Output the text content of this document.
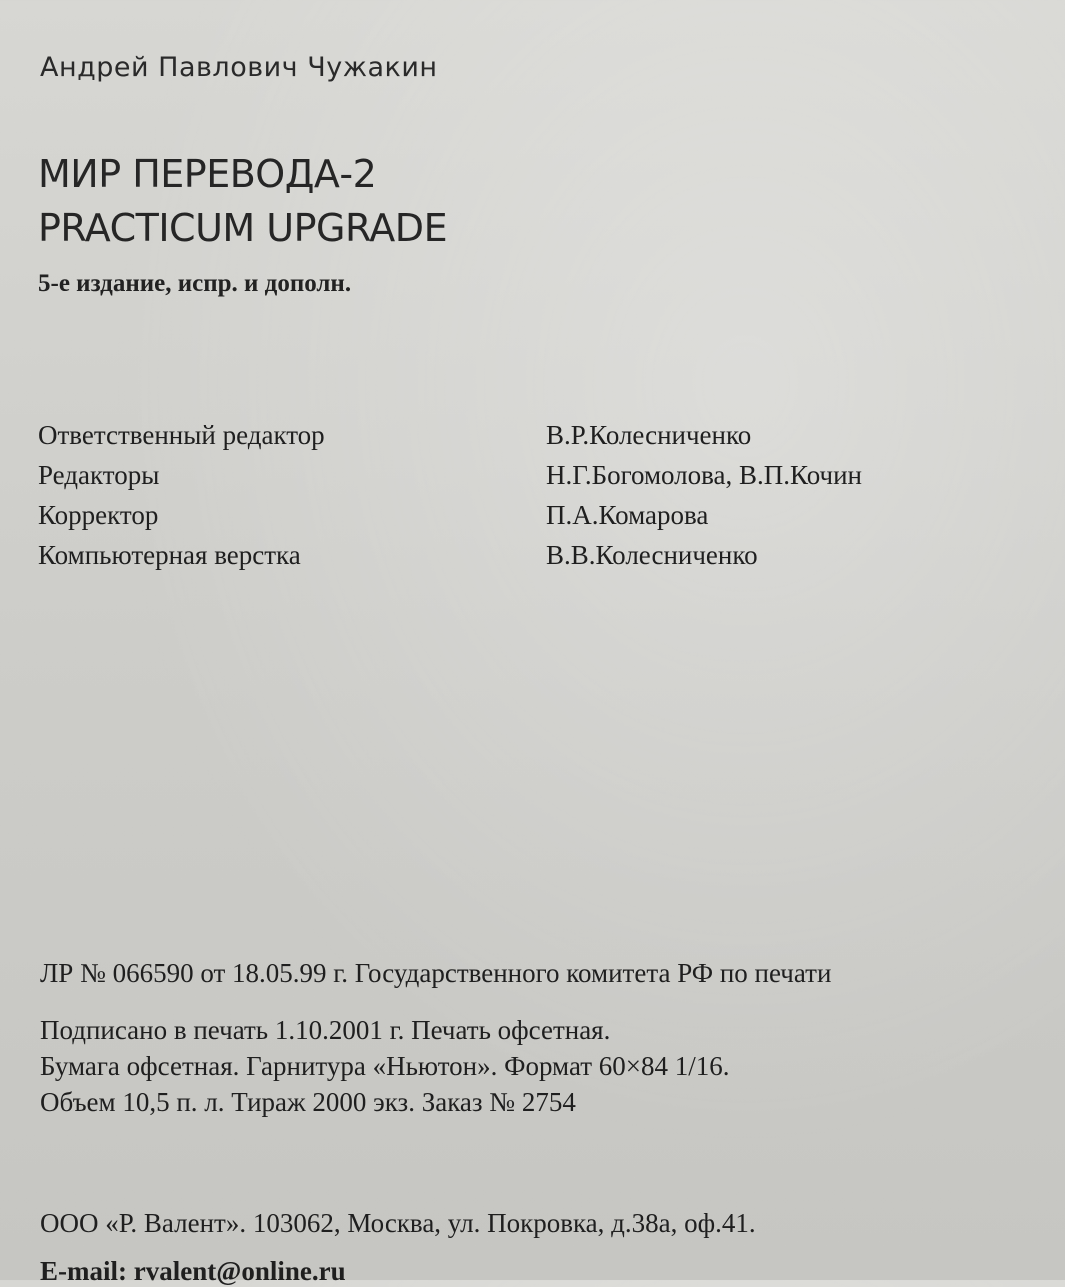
Андрей Павлович Чужакин
МИР ПЕРЕВОДА-2
PRACTICUM UPGRADE
5-е издание, испр. и дополн.
Ответственный редактор	В.Р.Колесниченко
Редакторы	Н.Г.Богомолова, В.П.Кочин
Корректор	П.А.Комарова
Компьютерная верстка	В.В.Колесниченко
ЛР № 066590 от 18.05.99 г. Государственного комитета РФ по печати
Подписано в печать 1.10.2001 г. Печать офсетная.
Бумага офсетная. Гарнитура «Ньютон». Формат 60×84 1/16.
Объем 10,5 п. л. Тираж 2000 экз. Заказ № 2754
ООО «Р. Валент». 103062, Москва, ул. Покровка, д.38а, оф.41.
E-mail: rvalent@online.ru
